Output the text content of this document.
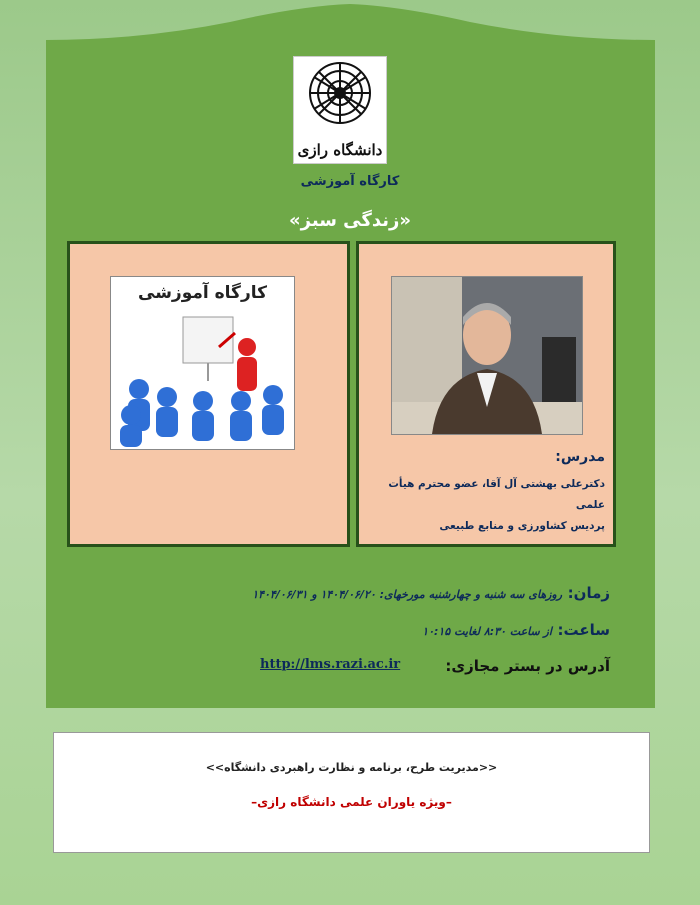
دانشگاه رازی
کارگاه آموزشی
«زندگی سبز»
کارگاه آموزشی
مدرس:
دکترعلی بهشتی آل آقا، عضو محترم هیأت علمی
پردیس کشاورزی و منابع طبیعی
زمان: روزهای سه شنبه و چهارشنبه مورخهای: ۱۴۰۴/۰۶/۲۰ و ۱۴۰۴/۰۶/۳۱
ساعت: از ساعت ۸:۳۰ لغایت ۱۰:۱۵
آدرس در بستر مجازی:
http://lms.razi.ac.ir
<<مدیریت طرح، برنامه و نظارت راهبردی دانشگاه>>
–ویژه یاوران علمی دانشگاه رازی–
